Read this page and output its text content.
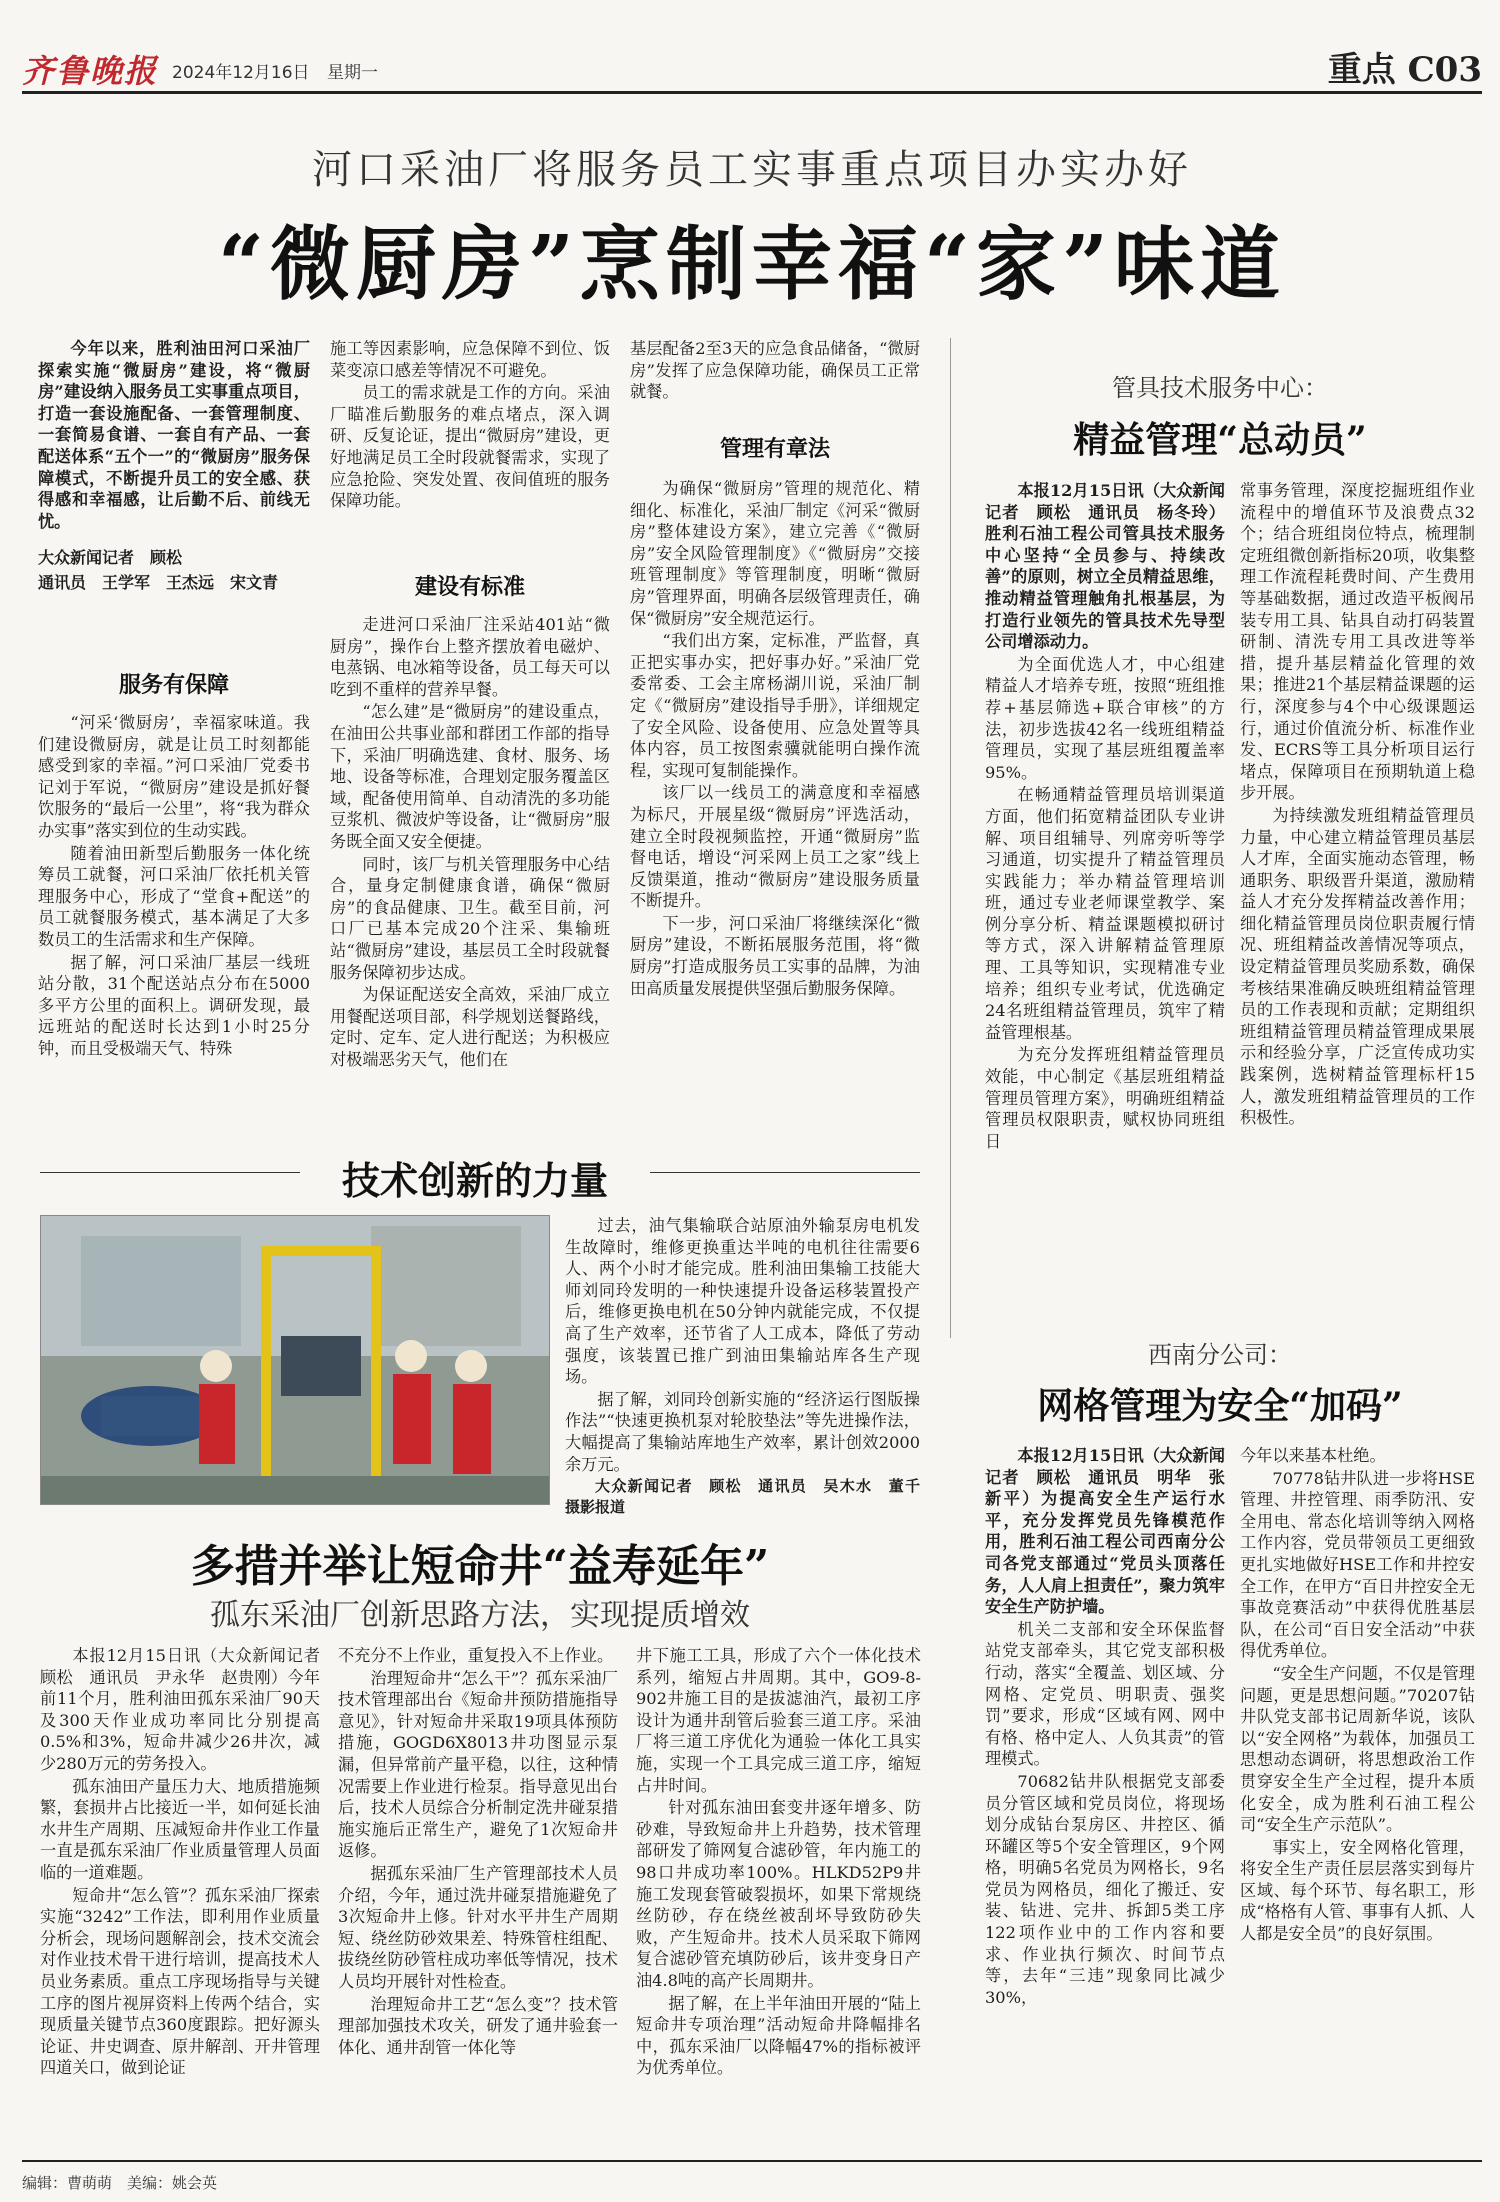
齐鲁晚报 2024年12月16日 星期一	重点 C03
河口采油厂将服务员工实事重点项目办实办好
“微厨房”烹制幸福“家”味道

今年以来，胜利油田河口采油厂探索实施“微厨房”建设，将“微厨房”建设纳入服务员工实事重点项目，打造一套设施配备、一套管理制度、一套简易食谱、一套自有产品、一套配送体系“五个一”的“微厨房”服务保障模式，不断提升员工的安全感、获得感和幸福感，让后勤不后、前线无忧。

大众新闻记者　顾松

通讯员　王学军　王杰远　宋文青

服务有保障

“河采‘微厨房’，幸福家味道。我们建设微厨房，就是让员工时刻都能感受到家的幸福。”河口采油厂党委书记刘于军说，“微厨房”建设是抓好餐饮服务的“最后一公里”，将“我为群众办实事”落实到位的生动实践。

随着油田新型后勤服务一体化统筹员工就餐，河口采油厂依托机关管理服务中心，形成了“堂食+配送”的员工就餐服务模式，基本满足了大多数员工的生活需求和生产保障。

据了解，河口采油厂基层一线班站分散，31个配送站点分布在5000多平方公里的面积上。调研发现，最远班站的配送时长达到1小时25分钟，而且受极端天气、特殊

施工等因素影响，应急保障不到位、饭菜变凉口感差等情况不可避免。

员工的需求就是工作的方向。采油厂瞄准后勤服务的难点堵点，深入调研、反复论证，提出“微厨房”建设，更好地满足员工全时段就餐需求，实现了应急抢险、突发处置、夜间值班的服务保障功能。

建设有标准

走进河口采油厂注采站401站“微厨房”，操作台上整齐摆放着电磁炉、电蒸锅、电冰箱等设备，员工每天可以吃到不重样的营养早餐。

“怎么建”是“微厨房”的建设重点，在油田公共事业部和群团工作部的指导下，采油厂明确选建、食材、服务、场地、设备等标准，合理划定服务覆盖区域，配备使用简单、自动清洗的多功能豆浆机、微波炉等设备，让“微厨房”服务既全面又安全便捷。

同时，该厂与机关管理服务中心结合，量身定制健康食谱，确保“微厨房”的食品健康、卫生。截至目前，河口厂已基本完成20个注采、集输班站“微厨房”建设，基层员工全时段就餐服务保障初步达成。

为保证配送安全高效，采油厂成立用餐配送项目部，科学规划送餐路线，定时、定车、定人进行配送；为积极应对极端恶劣天气，他们在

基层配备2至3天的应急食品储备，“微厨房”发挥了应急保障功能，确保员工正常就餐。

管理有章法

为确保“微厨房”管理的规范化、精细化、标准化，采油厂制定《河采“微厨房”整体建设方案》，建立完善《“微厨房”安全风险管理制度》《“微厨房”交接班管理制度》等管理制度，明晰“微厨房”管理界面，明确各层级管理责任，确保“微厨房”安全规范运行。

“我们出方案，定标准，严监督，真正把实事办实，把好事办好。”采油厂党委常委、工会主席杨湖川说，采油厂制定《“微厨房”建设指导手册》，详细规定了安全风险、设备使用、应急处置等具体内容，员工按图索骥就能明白操作流程，实现可复制能操作。

该厂以一线员工的满意度和幸福感为标尺，开展星级“微厨房”评选活动，建立全时段视频监控，开通“微厨房”监督电话，增设“河采网上员工之家”线上反馈渠道，推动“微厨房”建设服务质量不断提升。

下一步，河口采油厂将继续深化“微厨房”建设，不断拓展服务范围，将“微厨房”打造成服务员工实事的品牌，为油田高质量发展提供坚强后勤服务保障。

技术创新的力量

过去，油气集输联合站原油外输泵房电机发生故障时，维修更换重达半吨的电机往往需要6人、两个小时才能完成。胜利油田集输工技能大师刘同玲发明的一种快速提升设备运移装置投产后，维修更换电机在50分钟内就能完成，不仅提高了生产效率，还节省了人工成本，降低了劳动强度，该装置已推广到油田集输站库各生产现场。

据了解，刘同玲创新实施的“经济运行图版操作法”“快速更换机泵对轮胶垫法”等先进操作法，大幅提高了集输站库地生产效率，累计创效2000余万元。

大众新闻记者　顾松　通讯员　吴木水　董千　摄影报道

多措并举让短命井“益寿延年”
孤东采油厂创新思路方法，实现提质增效

本报12月15日讯（大众新闻记者　顾松　通讯员　尹永华　赵贵刚）今年前11个月，胜利油田孤东采油厂90天及300天作业成功率同比分别提高0.5%和3%，短命井减少26井次，减少280万元的劳务投入。

孤东油田产量压力大、地质措施频繁，套损井占比接近一半，如何延长油水井生产周期、压减短命井作业工作量一直是孤东采油厂作业质量管理人员面临的一道难题。

短命井“怎么管”？孤东采油厂探索实施“3242”工作法，即利用作业质量分析会，现场问题解剖会，技术交流会对作业技术骨干进行培训，提高技术人员业务素质。重点工序现场指导与关键工序的图片视屏资料上传两个结合，实现质量关键节点360度跟踪。把好源头论证、井史调查、原井解剖、开井管理四道关口，做到论证

不充分不上作业，重复投入不上作业。

治理短命井“怎么干”？孤东采油厂技术管理部出台《短命井预防措施指导意见》，针对短命井采取19项具体预防措施，GOGD6X8013井功图显示泵漏，但异常前产量平稳，以往，这种情况需要上作业进行检泵。指导意见出台后，技术人员综合分析制定洗井碰泵措施实施后正常生产，避免了1次短命井返修。

据孤东采油厂生产管理部技术人员介绍，今年，通过洗井碰泵措施避免了3次短命井上修。针对水平井生产周期短、绕丝防砂效果差、特殊管柱组配、拔绕丝防砂管柱成功率低等情况，技术人员均开展针对性检查。

治理短命井工艺“怎么变”？技术管理部加强技术攻关，研发了通井验套一体化、通井刮管一体化等

井下施工工具，形成了六个一体化技术系列，缩短占井周期。其中，GO9-8-902井施工目的是拔滤油汽，最初工序设计为通井刮管后验套三道工序。采油厂将三道工序优化为通验一体化工具实施，实现一个工具完成三道工序，缩短占井时间。

针对孤东油田套变井逐年增多、防砂难，导致短命井上升趋势，技术管理部研发了筛网复合滤砂管，年内施工的98口井成功率100%。HLKD52P9井施工发现套管破裂损坏，如果下常规绕丝防砂，存在绕丝被刮坏导致防砂失败，产生短命井。技术人员采取下筛网复合滤砂管充填防砂后，该井变身日产油4.8吨的高产长周期井。

据了解，在上半年油田开展的“陆上短命井专项治理”活动短命井降幅排名中，孤东采油厂以降幅47%的指标被评为优秀单位。

管具技术服务中心：
精益管理“总动员”

本报12月15日讯（大众新闻记者　顾松　通讯员　杨冬玲）胜利石油工程公司管具技术服务中心坚持“全员参与、持续改善”的原则，树立全员精益思维，推动精益管理触角扎根基层，为打造行业领先的管具技术先导型公司增添动力。

为全面优选人才，中心组建精益人才培养专班，按照“班组推荐+基层筛选+联合审核”的方法，初步选拔42名一线班组精益管理员，实现了基层班组覆盖率95%。

在畅通精益管理员培训渠道方面，他们拓宽精益团队专业讲解、项目组辅导、列席旁听等学习通道，切实提升了精益管理员实践能力；举办精益管理培训班，通过专业老师课堂教学、案例分享分析、精益课题模拟研讨等方式，深入讲解精益管理原理、工具等知识，实现精准专业培养；组织专业考试，优选确定24名班组精益管理员，筑牢了精益管理根基。

为充分发挥班组精益管理员效能，中心制定《基层班组精益管理员管理方案》，明确班组精益管理员权限职责，赋权协同班组日

常事务管理，深度挖掘班组作业流程中的增值环节及浪费点32个；结合班组岗位特点，梳理制定班组微创新指标20项，收集整理工作流程耗费时间、产生费用等基础数据，通过改造平板阀吊装专用工具、钻具自动打码装置研制、清洗专用工具改进等举措，提升基层精益化管理的效果；推进21个基层精益课题的运行，深度参与4个中心级课题运行，通过价值流分析、标准作业发、ECRS等工具分析项目运行堵点，保障项目在预期轨道上稳步开展。

为持续激发班组精益管理员力量，中心建立精益管理员基层人才库，全面实施动态管理，畅通职务、职级晋升渠道，激励精益人才充分发挥精益改善作用；细化精益管理员岗位职责履行情况、班组精益改善情况等项点，设定精益管理员奖励系数，确保考核结果准确反映班组精益管理员的工作表现和贡献；定期组织班组精益管理员精益管理成果展示和经验分享，广泛宣传成功实践案例，选树精益管理标杆15人，激发班组精益管理员的工作积极性。

西南分公司：
网格管理为安全“加码”

本报12月15日讯（大众新闻记者　顾松　通讯员　明华　张新平）为提高安全生产运行水平，充分发挥党员先锋模范作用，胜利石油工程公司西南分公司各党支部通过“党员头顶落任务，人人肩上担责任”，聚力筑牢安全生产防护墙。

机关二支部和安全环保监督站党支部牵头，其它党支部积极行动，落实“全覆盖、划区域、分网格、定党员、明职责、强奖罚”要求，形成“区域有网、网中有格、格中定人、人负其责”的管理模式。

70682钻井队根据党支部委员分管区域和党员岗位，将现场划分成钻台泵房区、井控区、循环罐区等5个安全管理区，9个网格，明确5名党员为网格长，9名党员为网格员，细化了搬迁、安装、钻进、完井、拆卸5类工序122项作业中的工作内容和要求、作业执行频次、时间节点等，去年“三违”现象同比减少30%，

今年以来基本杜绝。

70778钻井队进一步将HSE管理、井控管理、雨季防汛、安全用电、常态化培训等纳入网格工作内容，党员带领员工更细致更扎实地做好HSE工作和井控安全工作，在甲方“百日井控安全无事故竞赛活动”中获得优胜基层队，在公司“百日安全活动”中获得优秀单位。

“安全生产问题，不仅是管理问题，更是思想问题。”70207钻井队党支部书记周新华说，该队以“安全网格”为载体，加强员工思想动态调研，将思想政治工作贯穿安全生产全过程，提升本质化安全，成为胜利石油工程公司“安全生产示范队”。

事实上，安全网格化管理，将安全生产责任层层落实到每片区域、每个环节、每名职工，形成“格格有人管、事事有人抓、人人都是安全员”的良好氛围。

编辑：曹萌萌　美编：姚会英
